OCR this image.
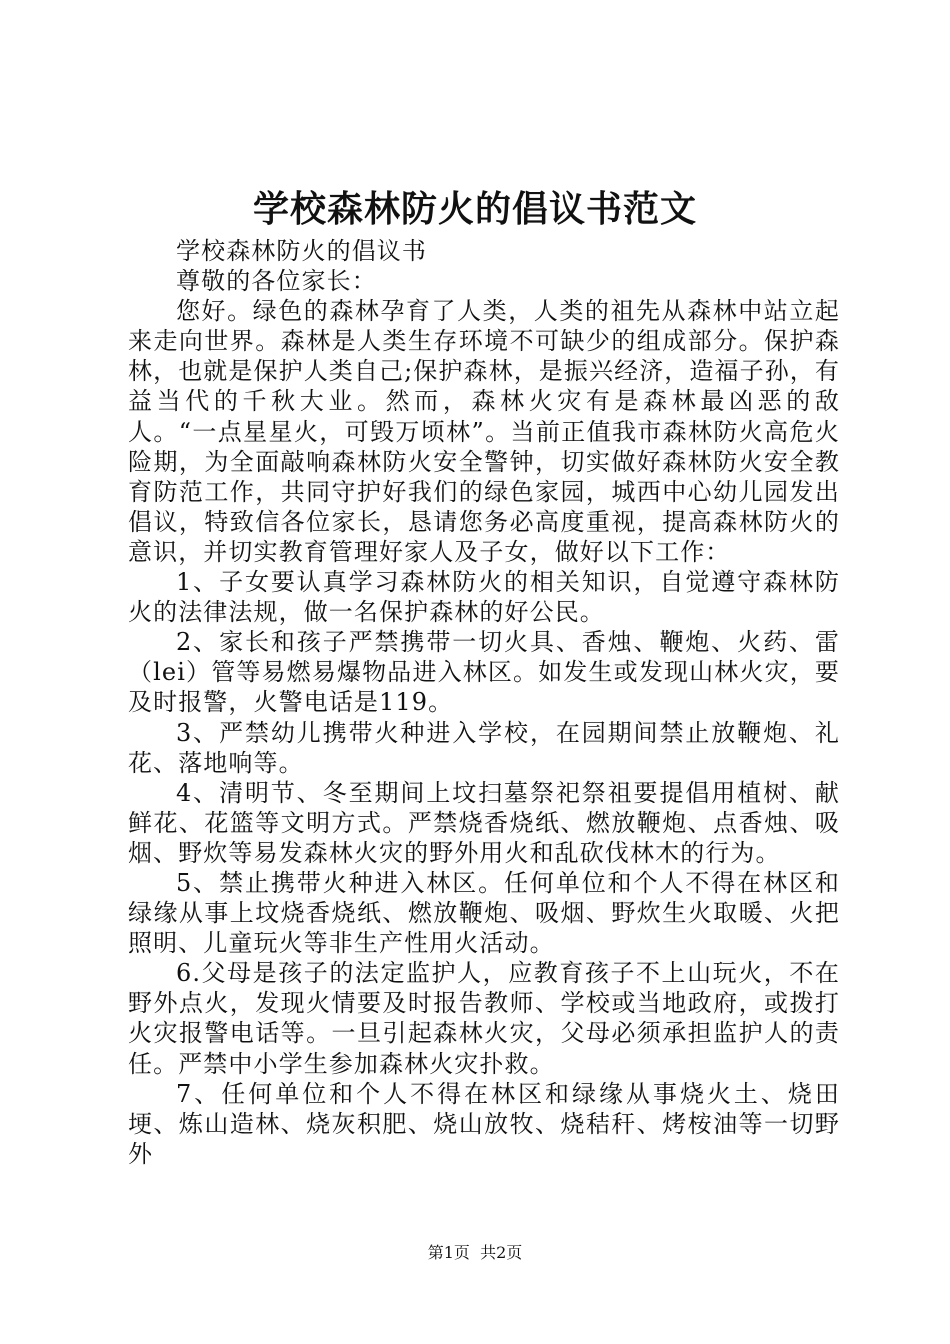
学校森林防火的倡议书范文

学校森林防火的倡议书

尊敬的各位家长：

您好。绿色的森林孕育了人类，人类的祖先从森林中站立起来走向世界。森林是人类生存环境不可缺少的组成部分。保护森林，也就是保护人类自己;保护森林，是振兴经济，造福子孙，有益当代的千秋大业。然而，森林火灾有是森林最凶恶的敌人。“一点星星火，可毁万顷林”。当前正值我市森林防火高危火险期，为全面敲响森林防火安全警钟，切实做好森林防火安全教育防范工作，共同守护好我们的绿色家园，城西中心幼儿园发出倡议，特致信各位家长，恳请您务必高度重视，提高森林防火的意识，并切实教育管理好家人及子女，做好以下工作：

1、子女要认真学习森林防火的相关知识，自觉遵守森林防火的法律法规，做一名保护森林的好公民。

2、家长和孩子严禁携带一切火具、香烛、鞭炮、火药、雷（lei）管等易燃易爆物品进入林区。如发生或发现山林火灾，要及时报警，火警电话是119。

3、严禁幼儿携带火种进入学校，在园期间禁止放鞭炮、礼花、落地响等。

4、清明节、冬至期间上坟扫墓祭祀祭祖要提倡用植树、献鲜花、花篮等文明方式。严禁烧香烧纸、燃放鞭炮、点香烛、吸烟、野炊等易发森林火灾的野外用火和乱砍伐林木的行为。

5、禁止携带火种进入林区。任何单位和个人不得在林区和绿缘从事上坟烧香烧纸、燃放鞭炮、吸烟、野炊生火取暖、火把照明、儿童玩火等非生产性用火活动。

6.父母是孩子的法定监护人，应教育孩子不上山玩火，不在野外点火，发现火情要及时报告教师、学校或当地政府，或拨打火灾报警电话等。一旦引起森林火灾，父母必须承担监护人的责任。严禁中小学生参加森林火灾扑救。

7、任何单位和个人不得在林区和绿缘从事烧火土、烧田埂、炼山造林、烧灰积肥、烧山放牧、烧秸秆、烤桉油等一切野外

第1页 共2页
